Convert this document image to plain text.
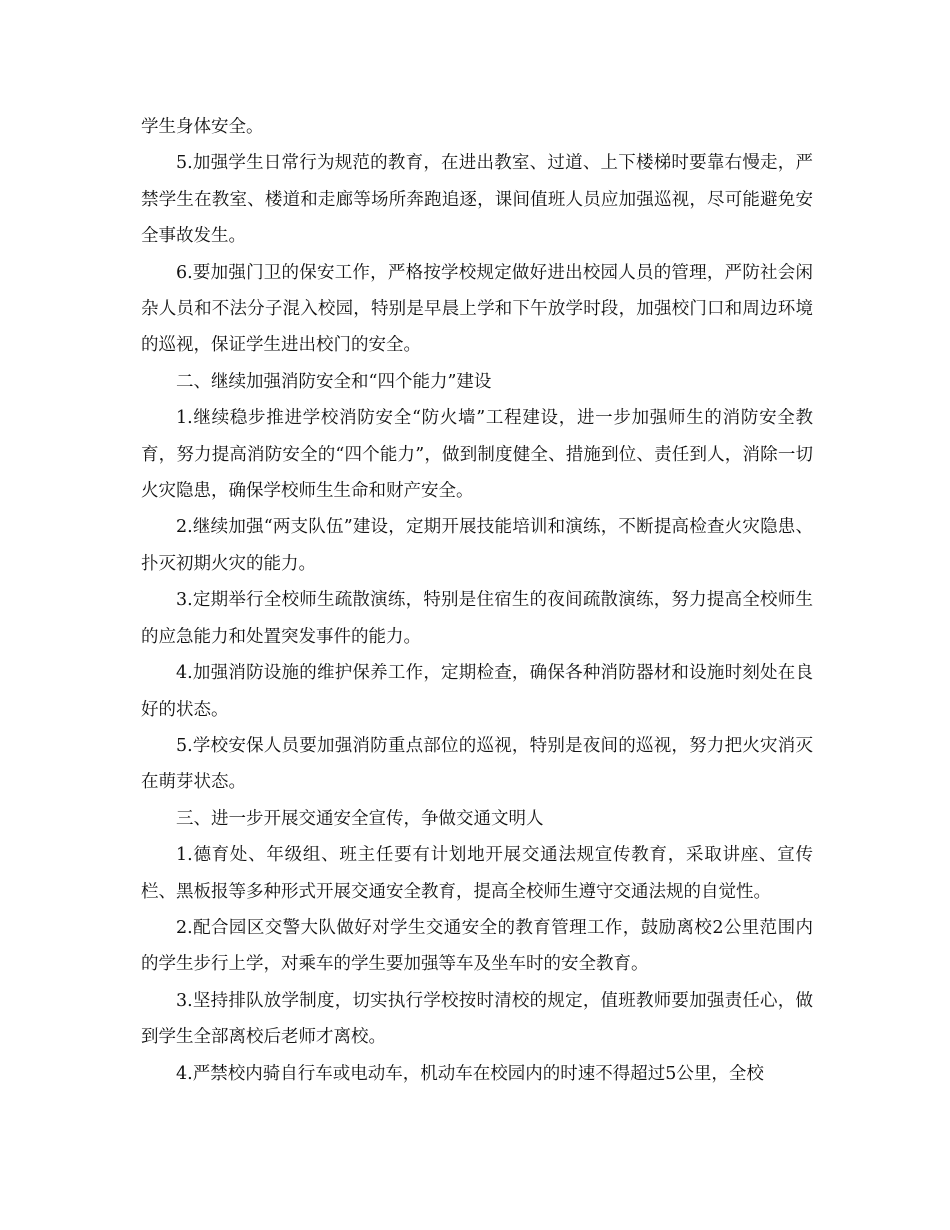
学生身体安全。

5.加强学生日常行为规范的教育，在进出教室、过道、上下楼梯时要靠右慢走，严禁学生在教室、楼道和走廊等场所奔跑追逐，课间值班人员应加强巡视，尽可能避免安全事故发生。

6.要加强门卫的保安工作，严格按学校规定做好进出校园人员的管理，严防社会闲杂人员和不法分子混入校园，特别是早晨上学和下午放学时段，加强校门口和周边环境的巡视，保证学生进出校门的安全。

二、继续加强消防安全和“四个能力”建设

1.继续稳步推进学校消防安全“防火墙”工程建设，进一步加强师生的消防安全教育，努力提高消防安全的“四个能力”，做到制度健全、措施到位、责任到人，消除一切火灾隐患，确保学校师生生命和财产安全。

2.继续加强“两支队伍”建设，定期开展技能培训和演练，不断提高检查火灾隐患、扑灭初期火灾的能力。

3.定期举行全校师生疏散演练，特别是住宿生的夜间疏散演练，努力提高全校师生的应急能力和处置突发事件的能力。

4.加强消防设施的维护保养工作，定期检查，确保各种消防器材和设施时刻处在良好的状态。

5.学校安保人员要加强消防重点部位的巡视，特别是夜间的巡视，努力把火灾消灭在萌芽状态。

三、进一步开展交通安全宣传，争做交通文明人

1.德育处、年级组、班主任要有计划地开展交通法规宣传教育，采取讲座、宣传栏、黑板报等多种形式开展交通安全教育，提高全校师生遵守交通法规的自觉性。

2.配合园区交警大队做好对学生交通安全的教育管理工作，鼓励离校2公里范围内的学生步行上学，对乘车的学生要加强等车及坐车时的安全教育。

3.坚持排队放学制度，切实执行学校按时清校的规定，值班教师要加强责任心，做到学生全部离校后老师才离校。

4.严禁校内骑自行车或电动车，机动车在校园内的时速不得超过5公里，全校
